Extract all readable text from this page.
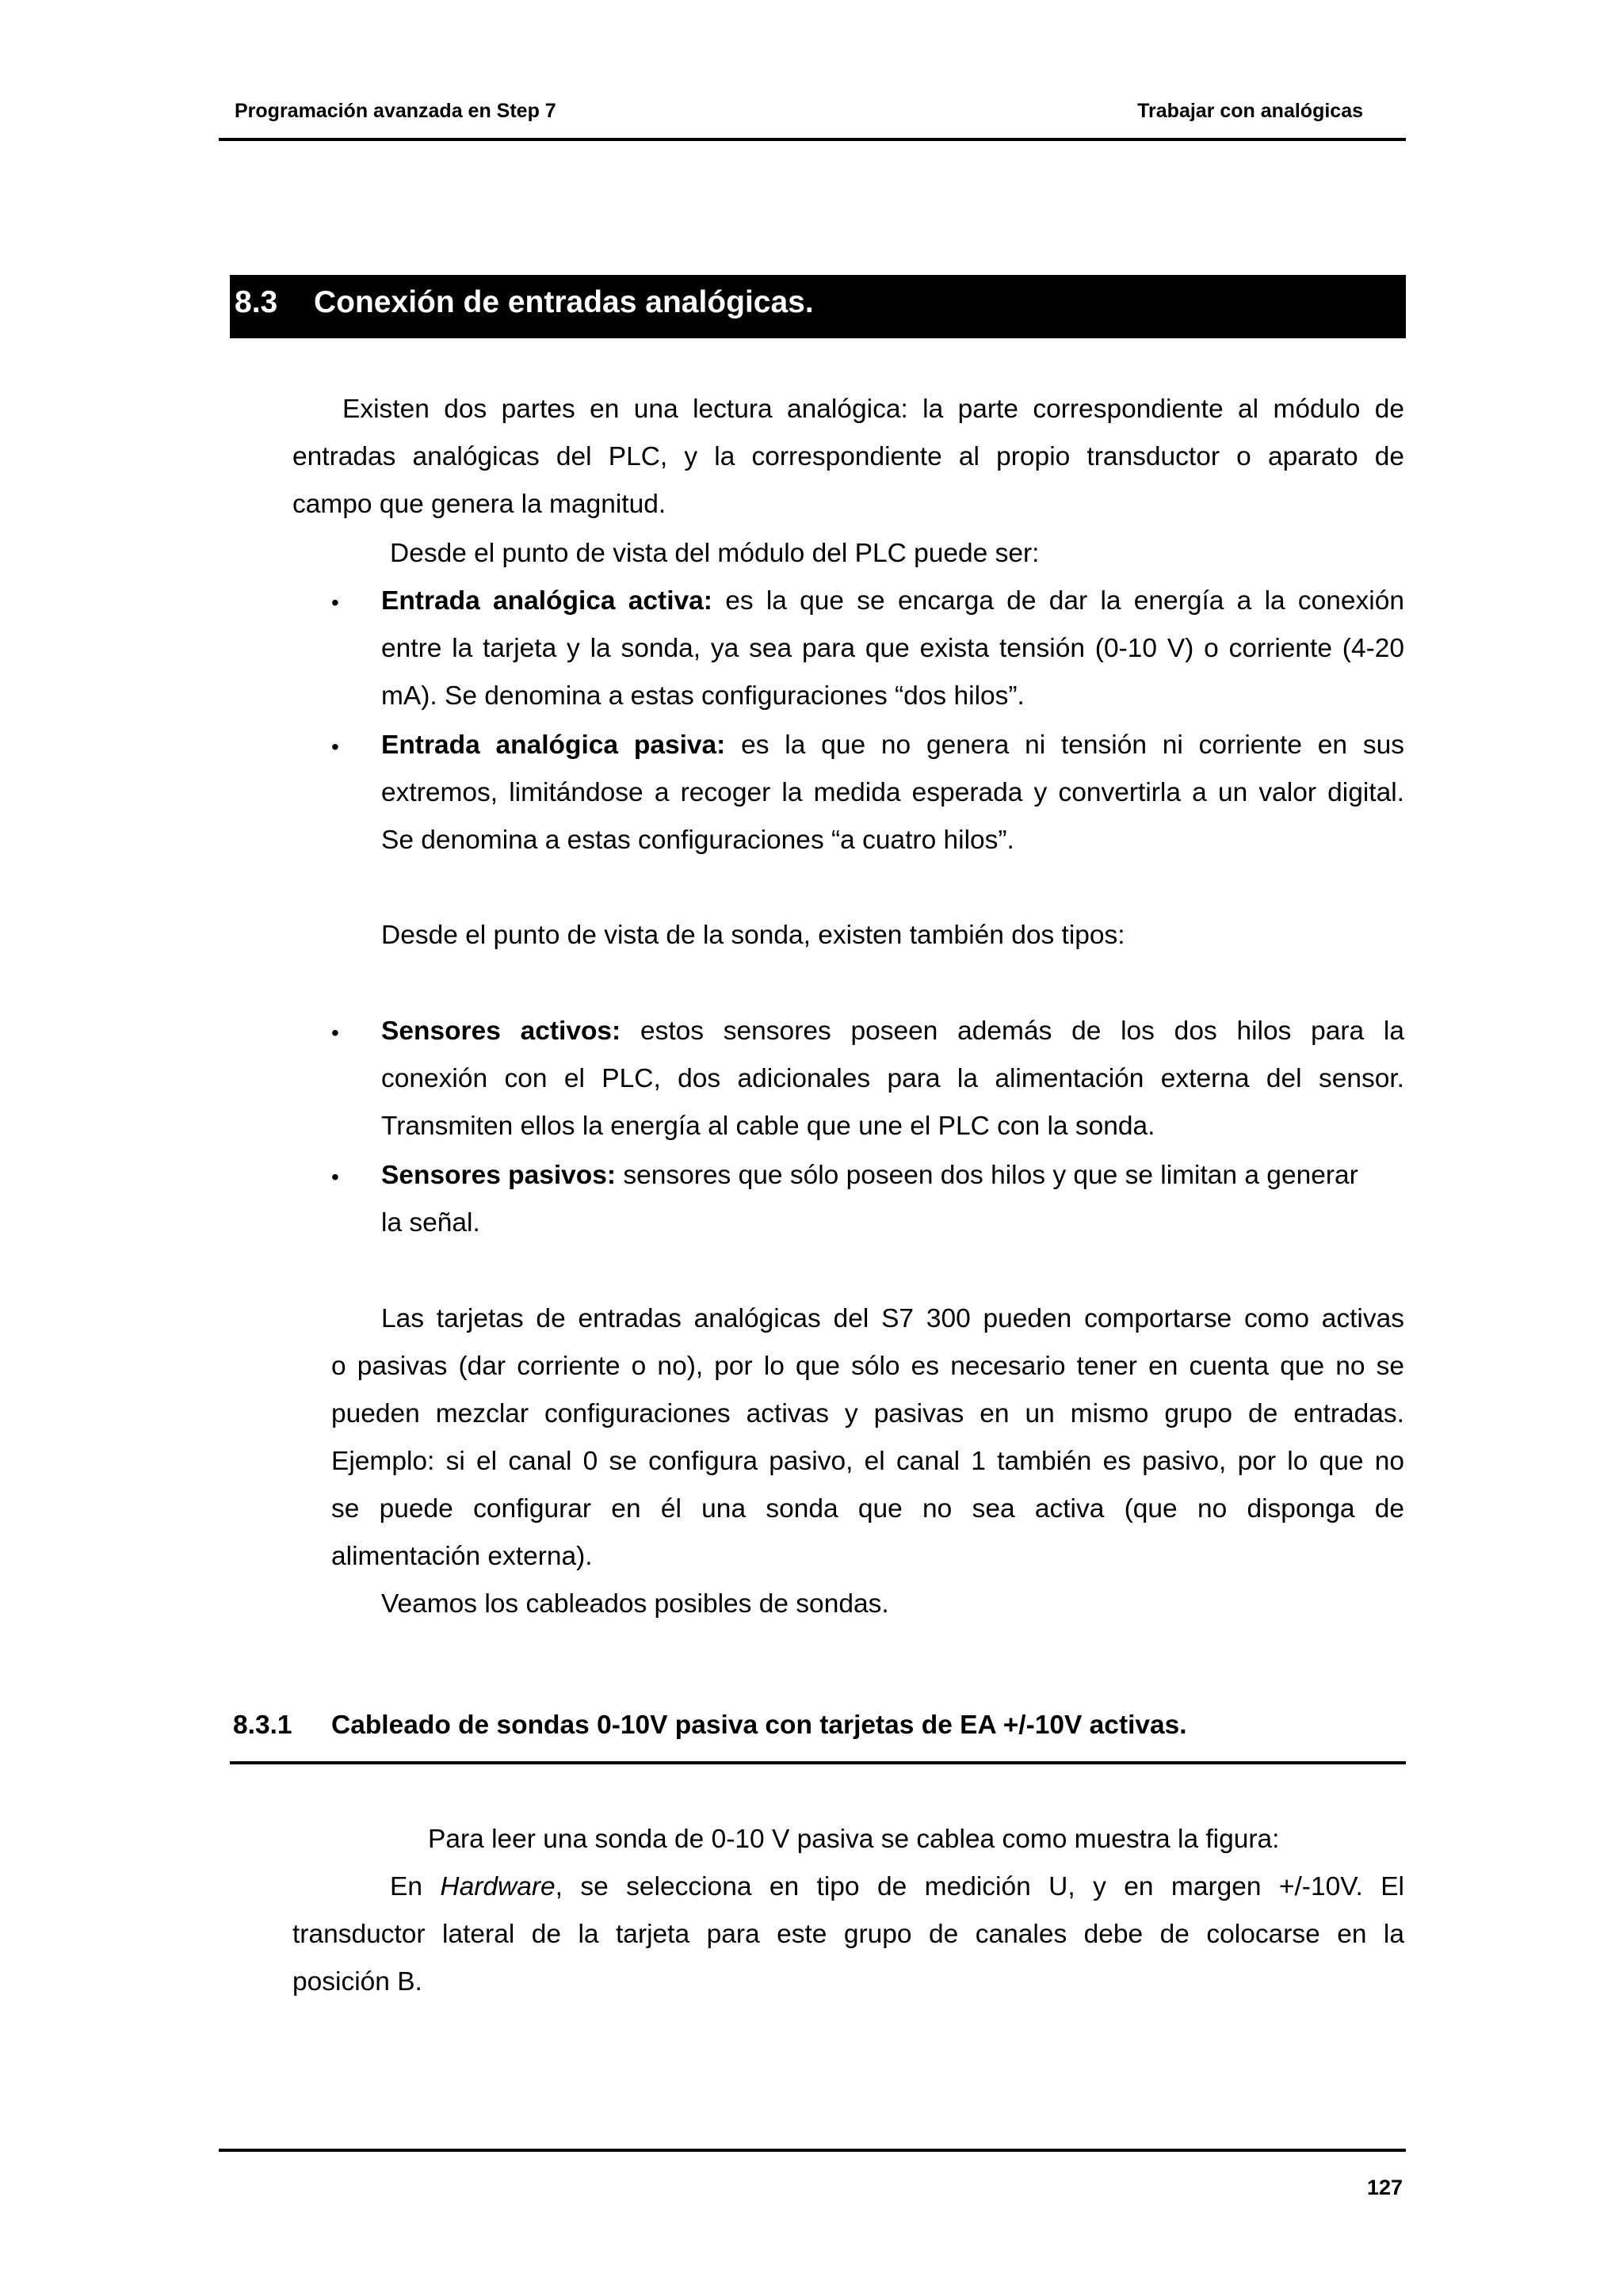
Programación avanzada en Step 7	Trabajar con analógicas
8.3 Conexión de entradas analógicas.
Existen dos partes en una lectura analógica: la parte correspondiente al módulo de
entradas analógicas del PLC, y la correspondiente al propio transductor o aparato de
campo que genera la magnitud.
Desde el punto de vista del módulo del PLC puede ser:
• Entrada analógica activa: es la que se encarga de dar la energía a la conexión
entre la tarjeta y la sonda, ya sea para que exista tensión (0-10 V) o corriente (4-20
mA). Se denomina a estas configuraciones “dos hilos”.
• Entrada analógica pasiva: es la que no genera ni tensión ni corriente en sus
extremos, limitándose a recoger la medida esperada y convertirla a un valor digital.
Se denomina a estas configuraciones “a cuatro hilos”.
Desde el punto de vista de la sonda, existen también dos tipos:
• Sensores activos: estos sensores poseen además de los dos hilos para la
conexión con el PLC, dos adicionales para la alimentación externa del sensor.
Transmiten ellos la energía al cable que une el PLC con la sonda.
• Sensores pasivos: sensores que sólo poseen dos hilos y que se limitan a generar
la señal.
Las tarjetas de entradas analógicas del S7 300 pueden comportarse como activas
o pasivas (dar corriente o no), por lo que sólo es necesario tener en cuenta que no se
pueden mezclar configuraciones activas y pasivas en un mismo grupo de entradas.
Ejemplo: si el canal 0 se configura pasivo, el canal 1 también es pasivo, por lo que no
se puede configurar en él una sonda que no sea activa (que no disponga de
alimentación externa).
Veamos los cableados posibles de sondas.
8.3.1 Cableado de sondas 0-10V pasiva con tarjetas de EA +/-10V activas.
Para leer una sonda de 0-10 V pasiva se cablea como muestra la figura:
En Hardware, se selecciona en tipo de medición U, y en margen +/-10V. El
transductor lateral de la tarjeta para este grupo de canales debe de colocarse en la
posición B.
127
